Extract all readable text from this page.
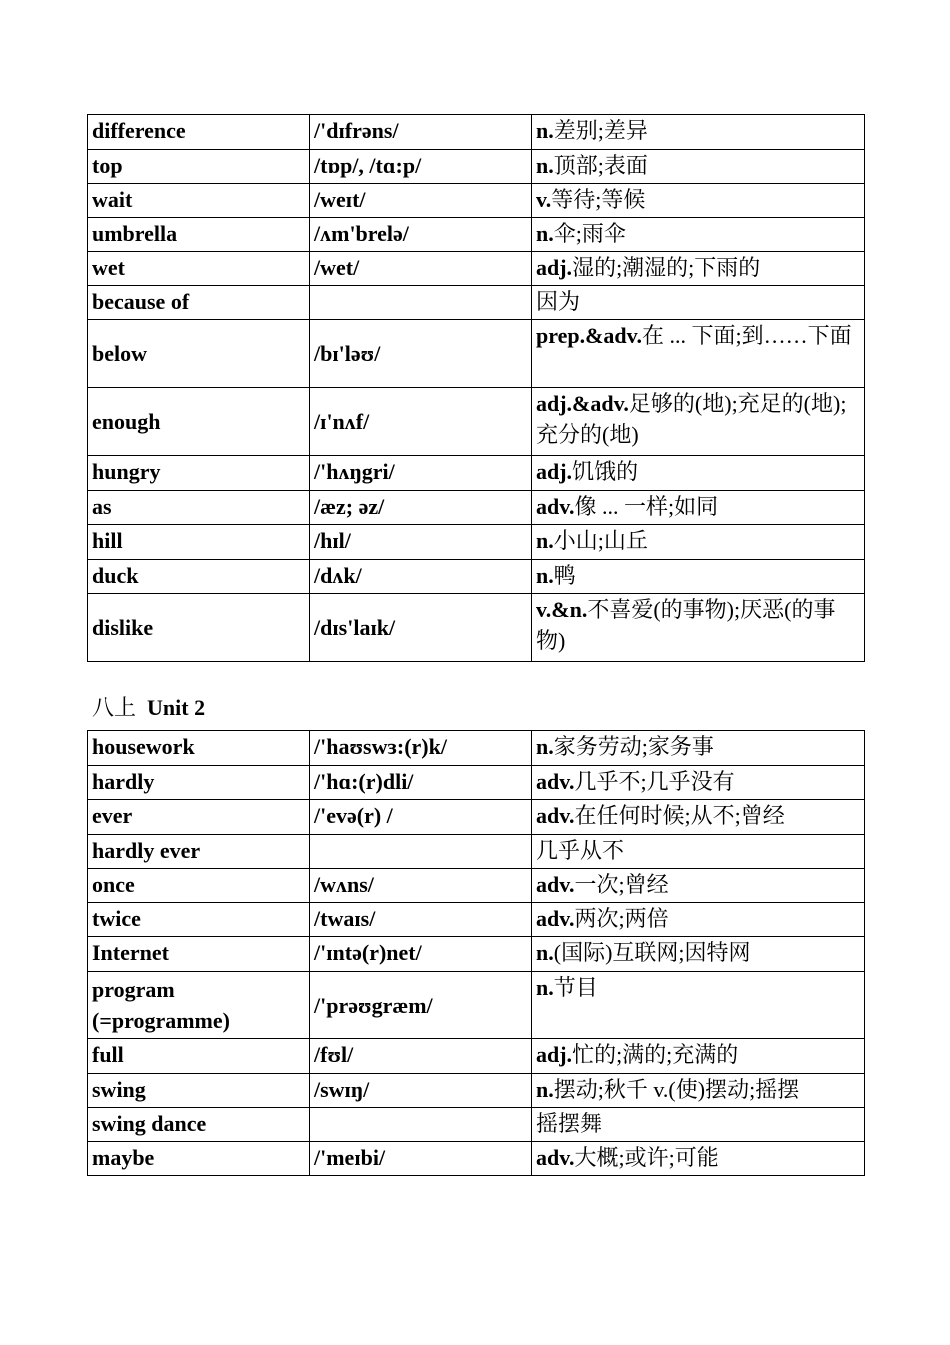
difference	/'dɪfrəns/	n.差别;差异
top	/tɒp/, /tɑ:p/	n.顶部;表面
wait	/weɪt/	v.等待;等候
umbrella	/ʌm'brelə/	n.伞;雨伞
wet	/wet/	adj.湿的;潮湿的;下雨的
because of		因为
below	/bɪ'ləʊ/	prep.&adv.在 ... 下面;到……下面
enough	/ɪ'nʌf/	adj.&adv.足够的(地);充足的(地);充分的(地)
hungry	/'hʌŋgri/	adj.饥饿的
as	/æz; əz/	adv.像 ... 一样;如同
hill	/hɪl/	n.小山;山丘
duck	/dʌk/	n.鸭
dislike	/dɪs'laɪk/	v.&n.不喜爱(的事物);厌恶(的事物)
八上 Unit 2
housework	/'haʊswɜ:(r)k/	n.家务劳动;家务事
hardly	/'hɑ:(r)dli/	adv.几乎不;几乎没有
ever	/'evə(r) /	adv.在任何时候;从不;曾经
hardly ever		几乎从不
once	/wʌns/	adv.一次;曾经
twice	/twaɪs/	adv.两次;两倍
Internet	/'ɪntə(r)net/	n.(国际)互联网;因特网
program (=programme)	/'prəʊgræm/	n.节目
full	/fʊl/	adj.忙的;满的;充满的
swing	/swɪŋ/	n.摆动;秋千 v.(使)摆动;摇摆
swing dance		摇摆舞
maybe	/'meɪbi/	adv.大概;或许;可能
